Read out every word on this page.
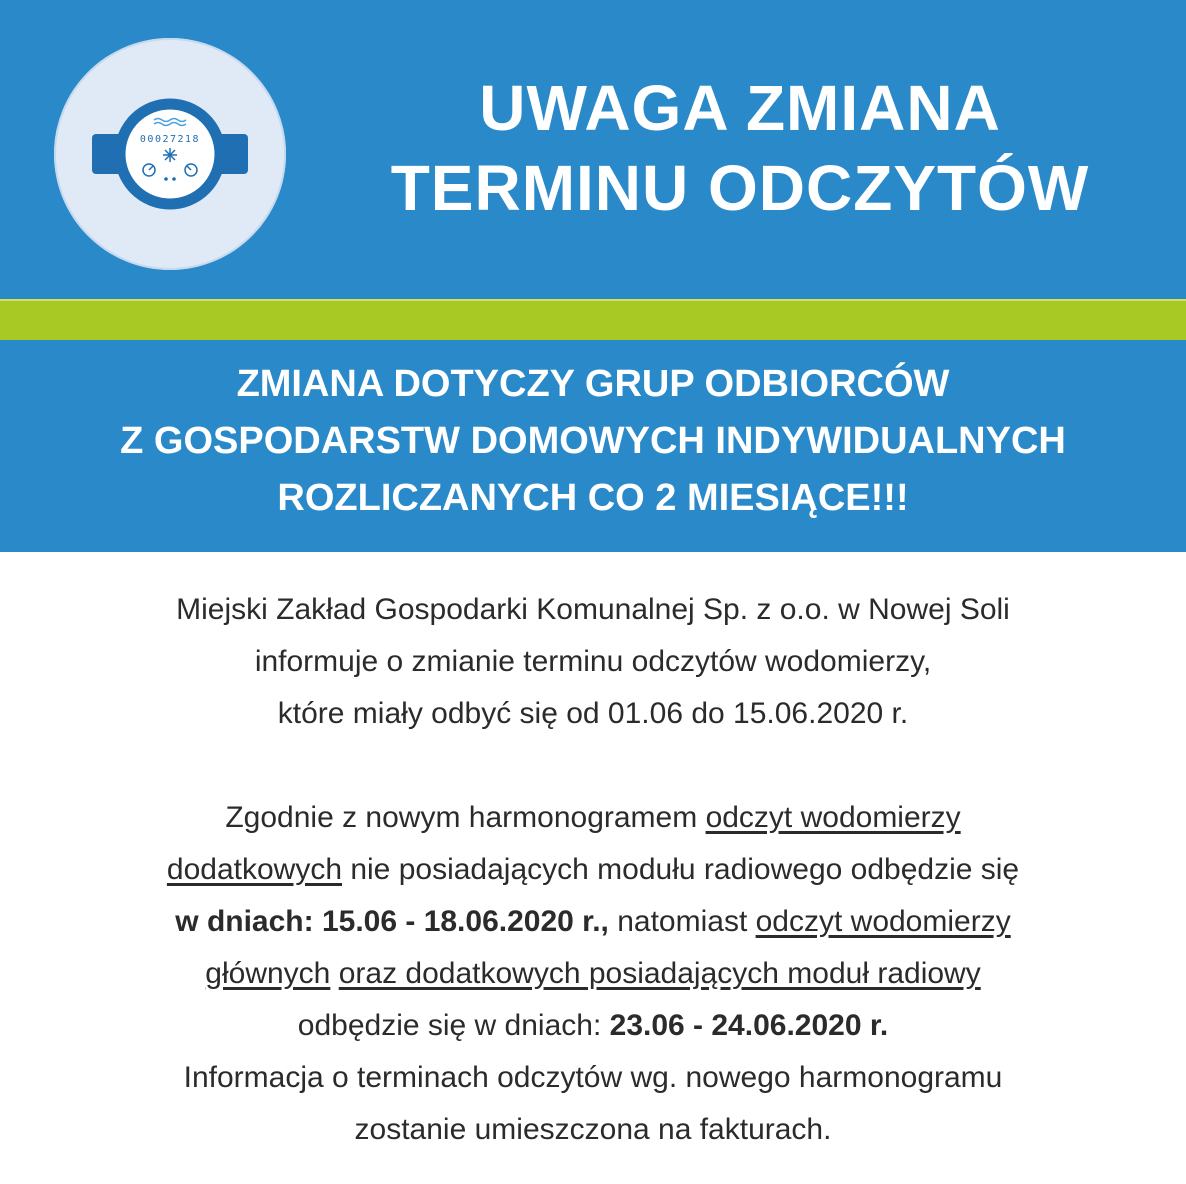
00027218	UWAGA ZMIANA
TERMINU ODCZYTÓW
ZMIANA DOTYCZY GRUP ODBIORCÓW
Z GOSPODARSTW DOMOWYCH INDYWIDUALNYCH
ROZLICZANYCH CO 2 MIESIĄCE!!!
Miejski Zakład Gospodarki Komunalnej Sp. z o.o. w Nowej Soli
informuje o zmianie terminu odczytów wodomierzy,
które miały odbyć się od 01.06 do 15.06.2020 r.
Zgodnie z nowym harmonogramem odczyt wodomierzy
dodatkowych nie posiadających modułu radiowego odbędzie się
w dniach: 15.06 - 18.06.2020 r., natomiast odczyt wodomierzy
głównych oraz dodatkowych posiadających moduł radiowy
odbędzie się w dniach: 23.06 - 24.06.2020 r.
Informacja o terminach odczytów wg. nowego harmonogramu
zostanie umieszczona na fakturach.
